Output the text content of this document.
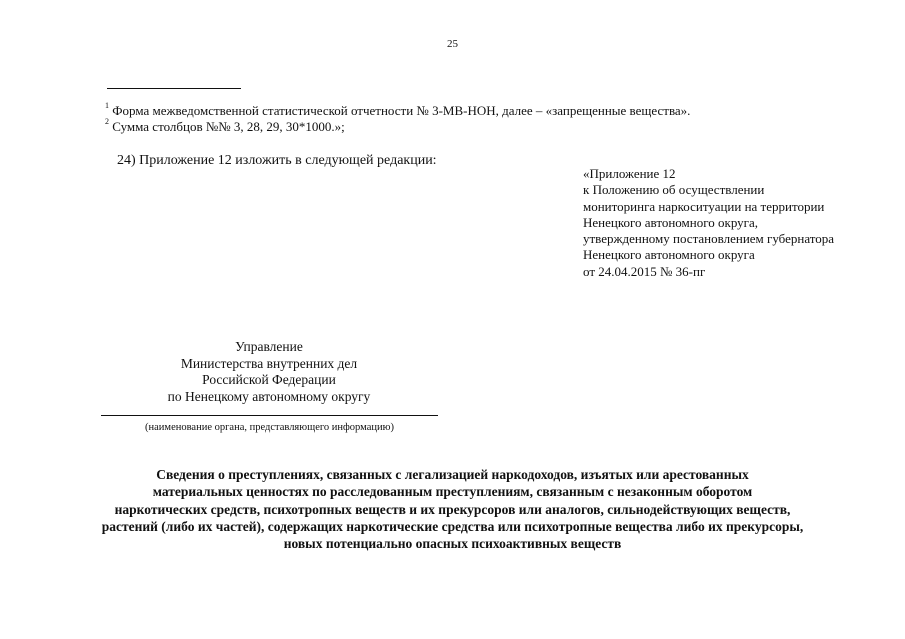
25
$^1$ Форма межведомственной статистической отчетности № 3-МВ-НОН, далее – «запрещенные вещества».
$^2$ Сумма столбцов №№ 3, 28, 29, 30*1000.»;
24) Приложение 12 изложить в следующей редакции:
«Приложение 12
к Положению об осуществлении
мониторинга наркоситуации на территории
Ненецкого автономного округа,
утвержденному постановлением губернатора
Ненецкого автономного округа
от 24.04.2015 № 36-пг
Управление
Министерства внутренних дел
Российской Федерации
по Ненецкому автономному округу
(наименование органа, представляющего информацию)
Сведения о преступлениях, связанных с легализацией наркодоходов, изъятых или арестованных
материальных ценностях по расследованным преступлениям, связанным с незаконным оборотом
наркотических средств, психотропных веществ и их прекурсоров или аналогов, сильнодействующих веществ,
растений (либо их частей), содержащих наркотические средства или психотропные вещества либо их прекурсоры,
новых потенциально опасных психоактивных веществ
